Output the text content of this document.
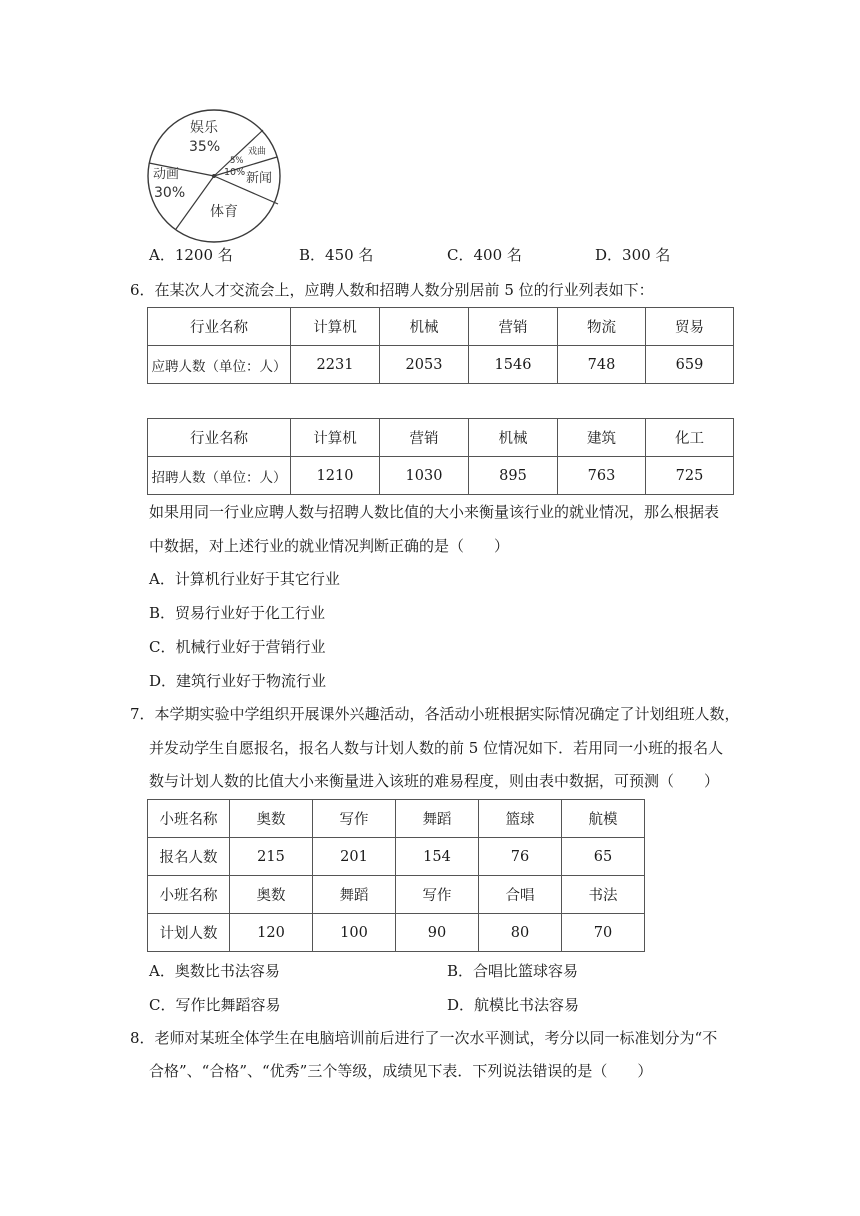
娱乐
35%	戏曲
5%
10% 新闻
体育
动画
30%
A．1200 名	B．450 名	C．400 名	D．300 名
6．在某次人才交流会上，应聘人数和招聘人数分别居前 5 位的行业列表如下：
行业名称	计算机	机械	营销	物流	贸易
应聘人数（单位：人）	2231	2053	1546	748	659
行业名称	计算机	营销	机械	建筑	化工
招聘人数（单位：人）	1210	1030	895	763	725
如果用同一行业应聘人数与招聘人数比值的大小来衡量该行业的就业情况，那么根据表
中数据，对上述行业的就业情况判断正确的是（　　）
A．计算机行业好于其它行业
B．贸易行业好于化工行业
C．机械行业好于营销行业
D．建筑行业好于物流行业
7．本学期实验中学组织开展课外兴趣活动，各活动小班根据实际情况确定了计划组班人数，
并发动学生自愿报名，报名人数与计划人数的前 5 位情况如下．若用同一小班的报名人
数与计划人数的比值大小来衡量进入该班的难易程度，则由表中数据，可预测（　　）
小班名称	奥数	写作	舞蹈	篮球	航模
报名人数	215	201	154	76	65
小班名称	奥数	舞蹈	写作	合唱	书法
计划人数	120	100	90	80	70
A．奥数比书法容易	B．合唱比篮球容易
C．写作比舞蹈容易	D．航模比书法容易
8．老师对某班全体学生在电脑培训前后进行了一次水平测试，考分以同一标准划分为“不
合格”、“合格”、“优秀”三个等级，成绩见下表．下列说法错误的是（　　）
